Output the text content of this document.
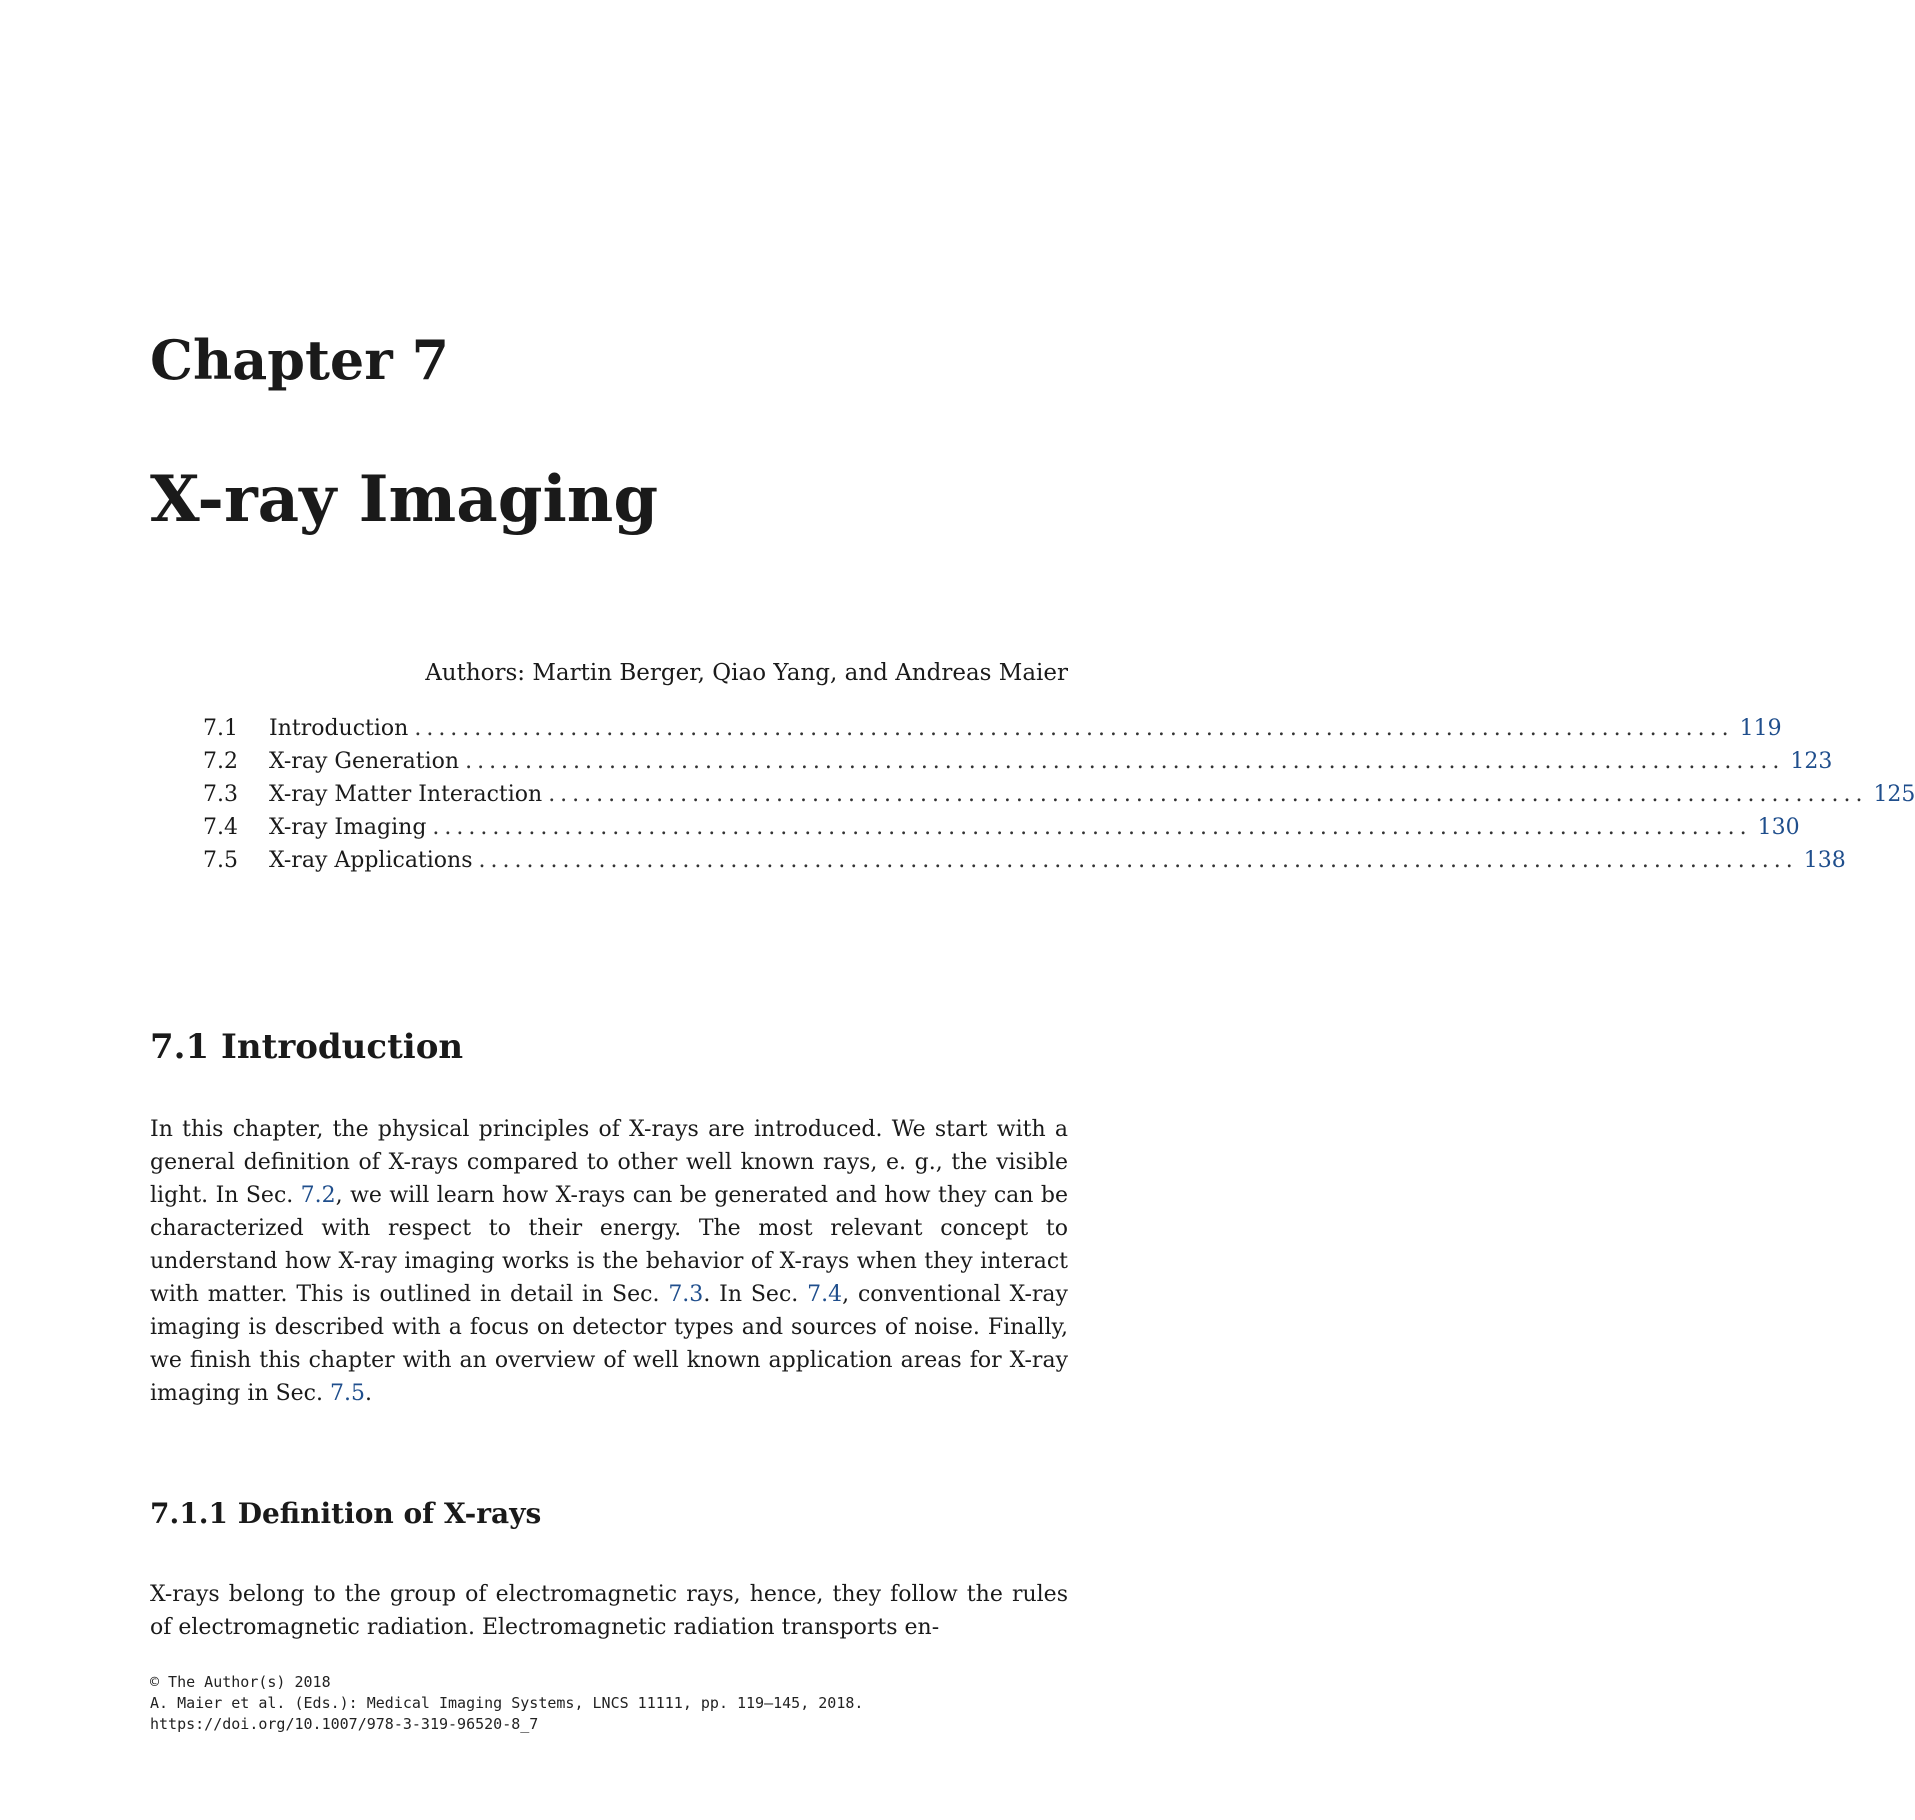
Chapter 7
X-ray Imaging
Authors: Martin Berger, Qiao Yang, and Andreas Maier
7.1	Introduction .............................................................................................................. 119
7.2	X-ray Generation .............................................................................................................. 123
7.3	X-ray Matter Interaction .............................................................................................................. 125
7.4	X-ray Imaging .............................................................................................................. 130
7.5	X-ray Applications .............................................................................................................. 138
7.1 Introduction

In this chapter, the physical principles of X-rays are introduced. We start with a general definition of X-rays compared to other well known rays, e. g., the visible light. In Sec. 7.2, we will learn how X-rays can be generated and how they can be characterized with respect to their energy. The most relevant concept to understand how X-ray imaging works is the behavior of X-rays when they interact with matter. This is outlined in detail in Sec. 7.3. In Sec. 7.4, conventional X-ray imaging is described with a focus on detector types and sources of noise. Finally, we finish this chapter with an overview of well known application areas for X-ray imaging in Sec. 7.5.

7.1.1 Definition of X-rays

X-rays belong to the group of electromagnetic rays, hence, they follow the rules of electromagnetic radiation. Electromagnetic radiation transports en-

© The Author(s) 2018
A. Maier et al. (Eds.): Medical Imaging Systems, LNCS 11111, pp. 119–145, 2018.
https://doi.org/10.1007/978-3-319-96520-8_7
